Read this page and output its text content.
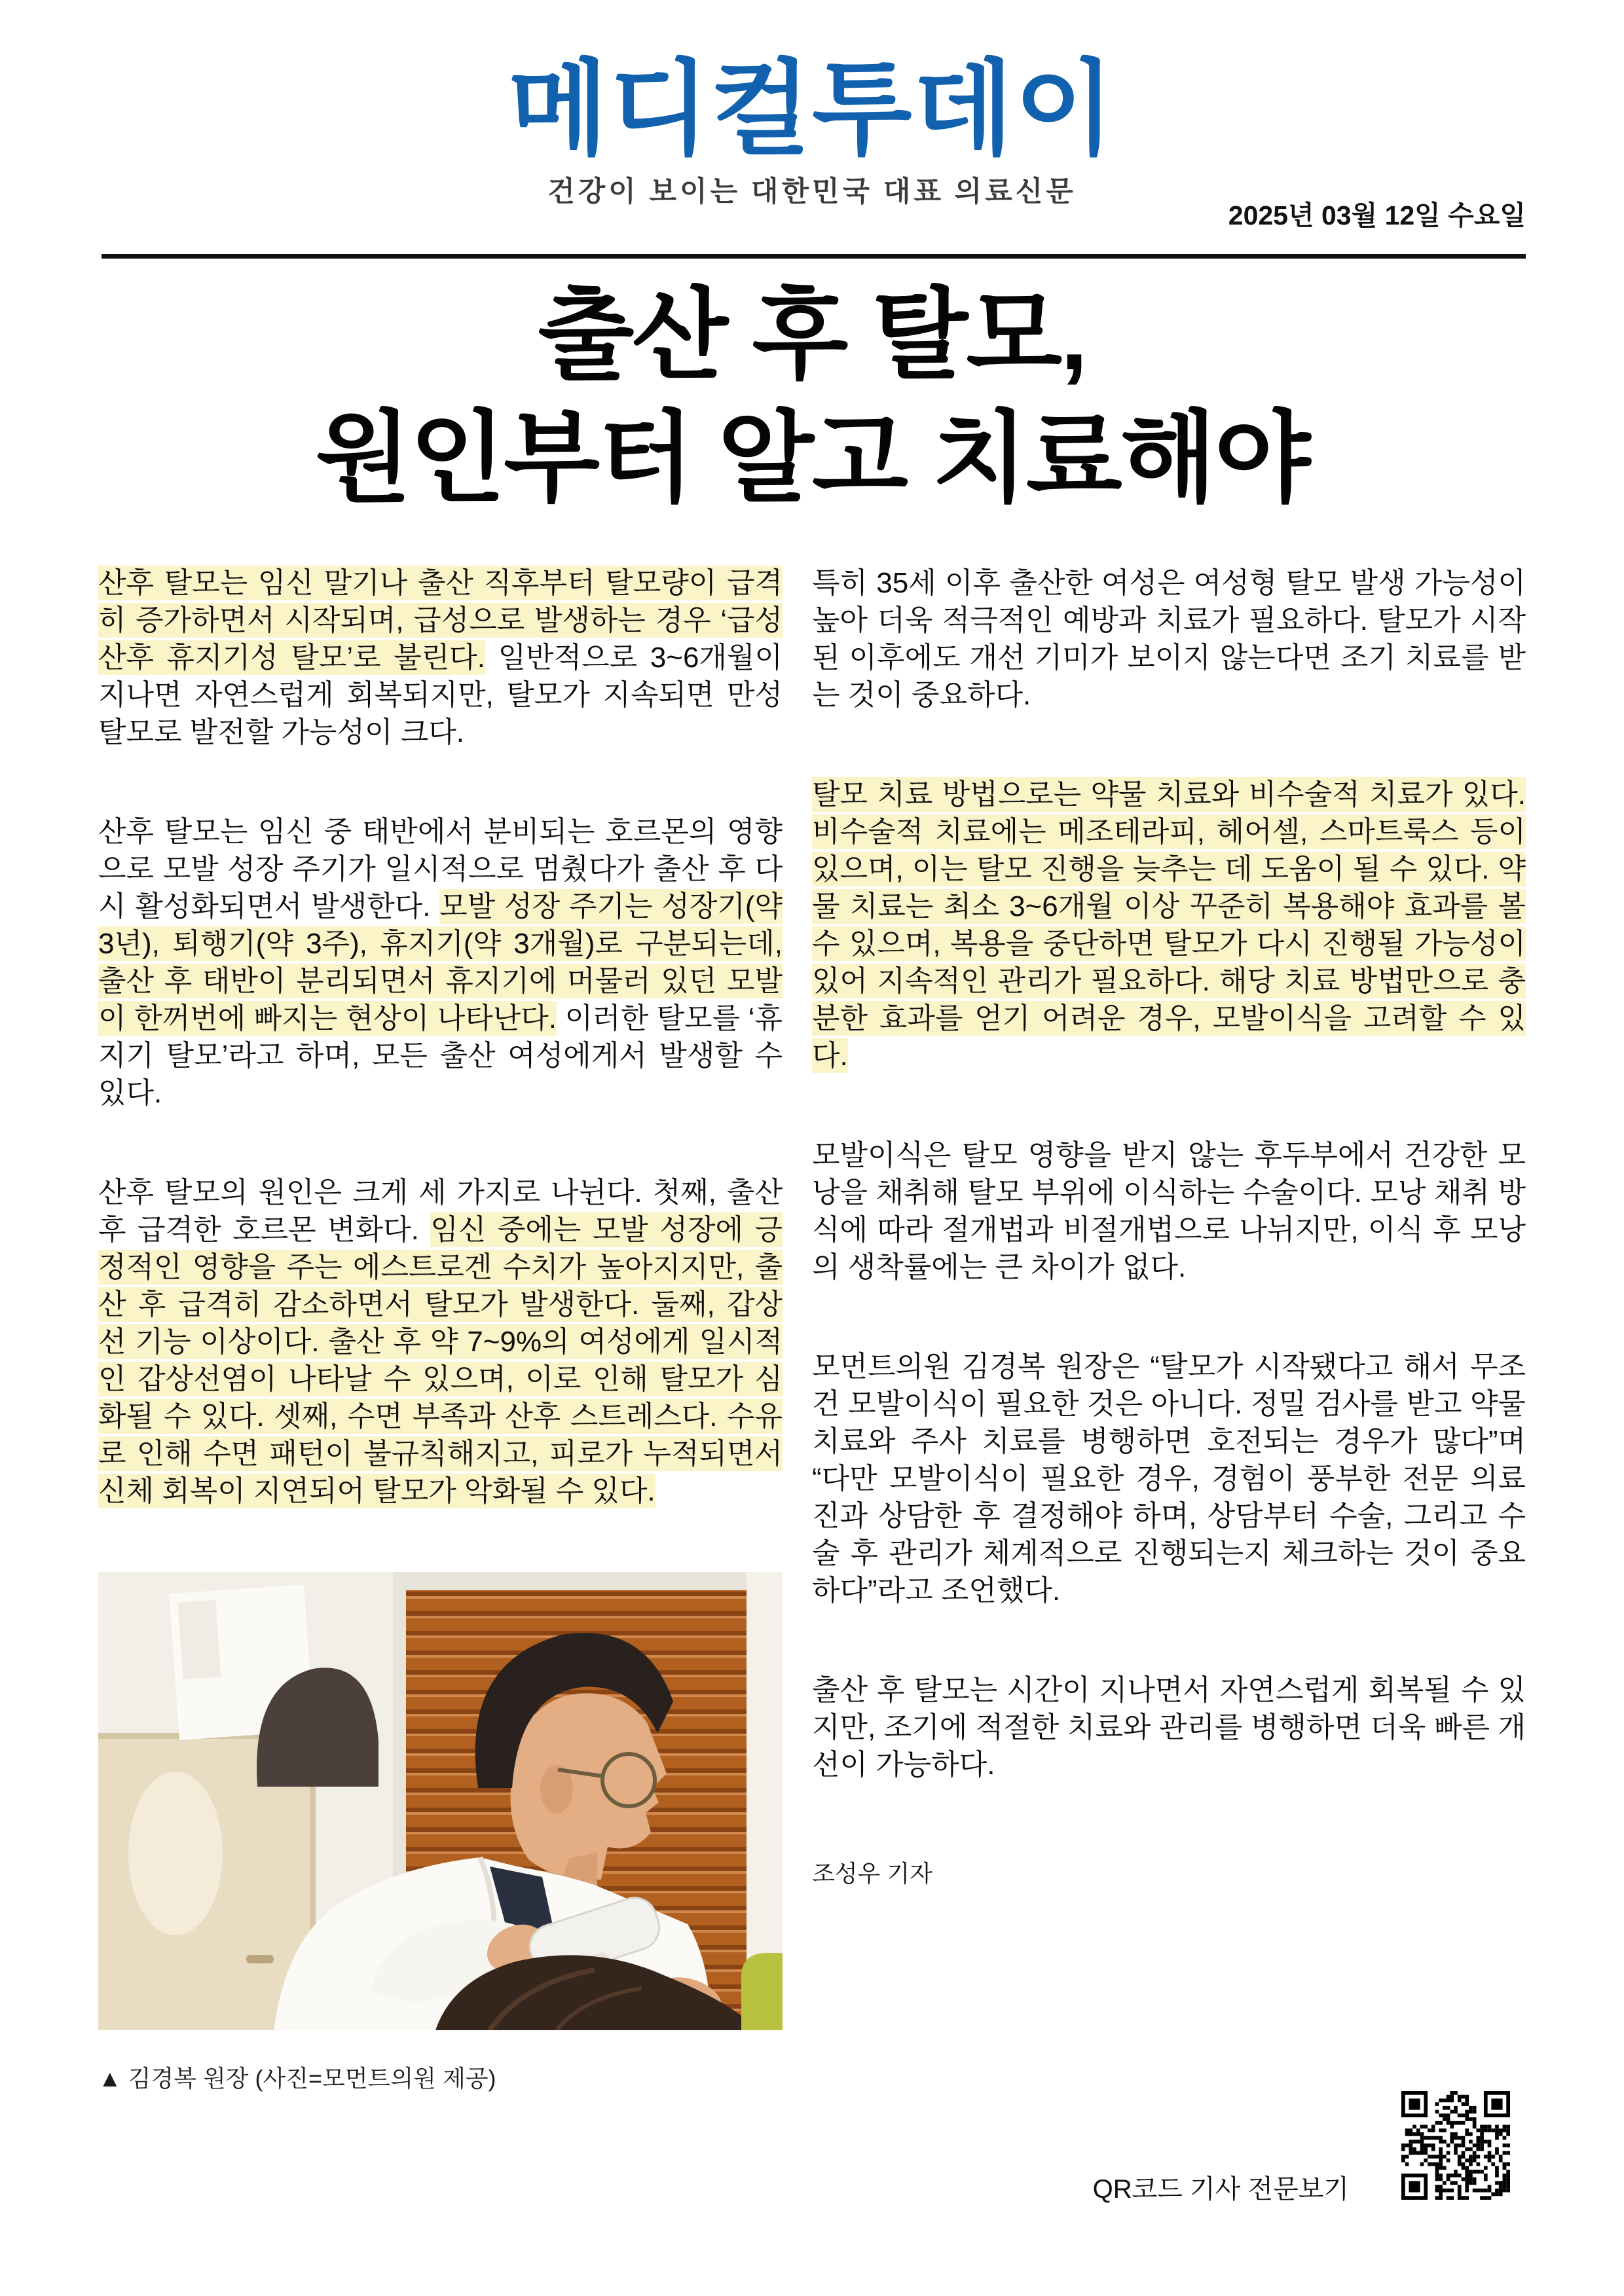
메디컬투데이
건강이 보이는 대한민국 대표 의료신문
2025년 03월 12일 수요일
출산 후 탈모,
원인부터 알고 치료해야

산후 탈모는 임신 말기나 출산 직후부터 탈모량이 급격히 증가하면서 시작되며, 급성으로 발생하는 경우 ‘급성 산후 휴지기성 탈모’로 불린다. 일반적으로 3~6개월이 지나면 자연스럽게 회복되지만, 탈모가 지속되면 만성 탈모로 발전할 가능성이 크다.

산후 탈모는 임신 중 태반에서 분비되는 호르몬의 영향으로 모발 성장 주기가 일시적으로 멈췄다가 출산 후 다시 활성화되면서 발생한다. 모발 성장 주기는 성장기(약 3년), 퇴행기(약 3주), 휴지기(약 3개월)로 구분되는데, 출산 후 태반이 분리되면서 휴지기에 머물러 있던 모발이 한꺼번에 빠지는 현상이 나타난다. 이러한 탈모를 ‘휴지기 탈모’라고 하며, 모든 출산 여성에게서 발생할 수 있다.

산후 탈모의 원인은 크게 세 가지로 나뉜다. 첫째, 출산 후 급격한 호르몬 변화다. 임신 중에는 모발 성장에 긍정적인 영향을 주는 에스트로겐 수치가 높아지지만, 출산 후 급격히 감소하면서 탈모가 발생한다. 둘째, 갑상선 기능 이상이다. 출산 후 약 7~9%의 여성에게 일시적인 갑상선염이 나타날 수 있으며, 이로 인해 탈모가 심화될 수 있다. 셋째, 수면 부족과 산후 스트레스다. 수유로 인해 수면 패턴이 불규칙해지고, 피로가 누적되면서 신체 회복이 지연되어 탈모가 악화될 수 있다.

▲ 김경복 원장 (사진=모먼트의원 제공)

특히 35세 이후 출산한 여성은 여성형 탈모 발생 가능성이 높아 더욱 적극적인 예방과 치료가 필요하다. 탈모가 시작된 이후에도 개선 기미가 보이지 않는다면 조기 치료를 받는 것이 중요하다.

탈모 치료 방법으로는 약물 치료와 비수술적 치료가 있다. 비수술적 치료에는 메조테라피, 헤어셀, 스마트룩스 등이 있으며, 이는 탈모 진행을 늦추는 데 도움이 될 수 있다. 약물 치료는 최소 3~6개월 이상 꾸준히 복용해야 효과를 볼 수 있으며, 복용을 중단하면 탈모가 다시 진행될 가능성이 있어 지속적인 관리가 필요하다. 해당 치료 방법만으로 충분한 효과를 얻기 어려운 경우, 모발이식을 고려할 수 있다.

모발이식은 탈모 영향을 받지 않는 후두부에서 건강한 모낭을 채취해 탈모 부위에 이식하는 수술이다. 모낭 채취 방식에 따라 절개법과 비절개법으로 나뉘지만, 이식 후 모낭의 생착률에는 큰 차이가 없다.

모먼트의원 김경복 원장은 “탈모가 시작됐다고 해서 무조건 모발이식이 필요한 것은 아니다. 정밀 검사를 받고 약물 치료와 주사 치료를 병행하면 호전되는 경우가 많다”며 “다만 모발이식이 필요한 경우, 경험이 풍부한 전문 의료진과 상담한 후 결정해야 하며, 상담부터 수술, 그리고 수술 후 관리가 체계적으로 진행되는지 체크하는 것이 중요하다”라고 조언했다.

출산 후 탈모는 시간이 지나면서 자연스럽게 회복될 수 있지만, 조기에 적절한 치료와 관리를 병행하면 더욱 빠른 개선이 가능하다.

조성우 기자

QR코드 기사 전문보기
